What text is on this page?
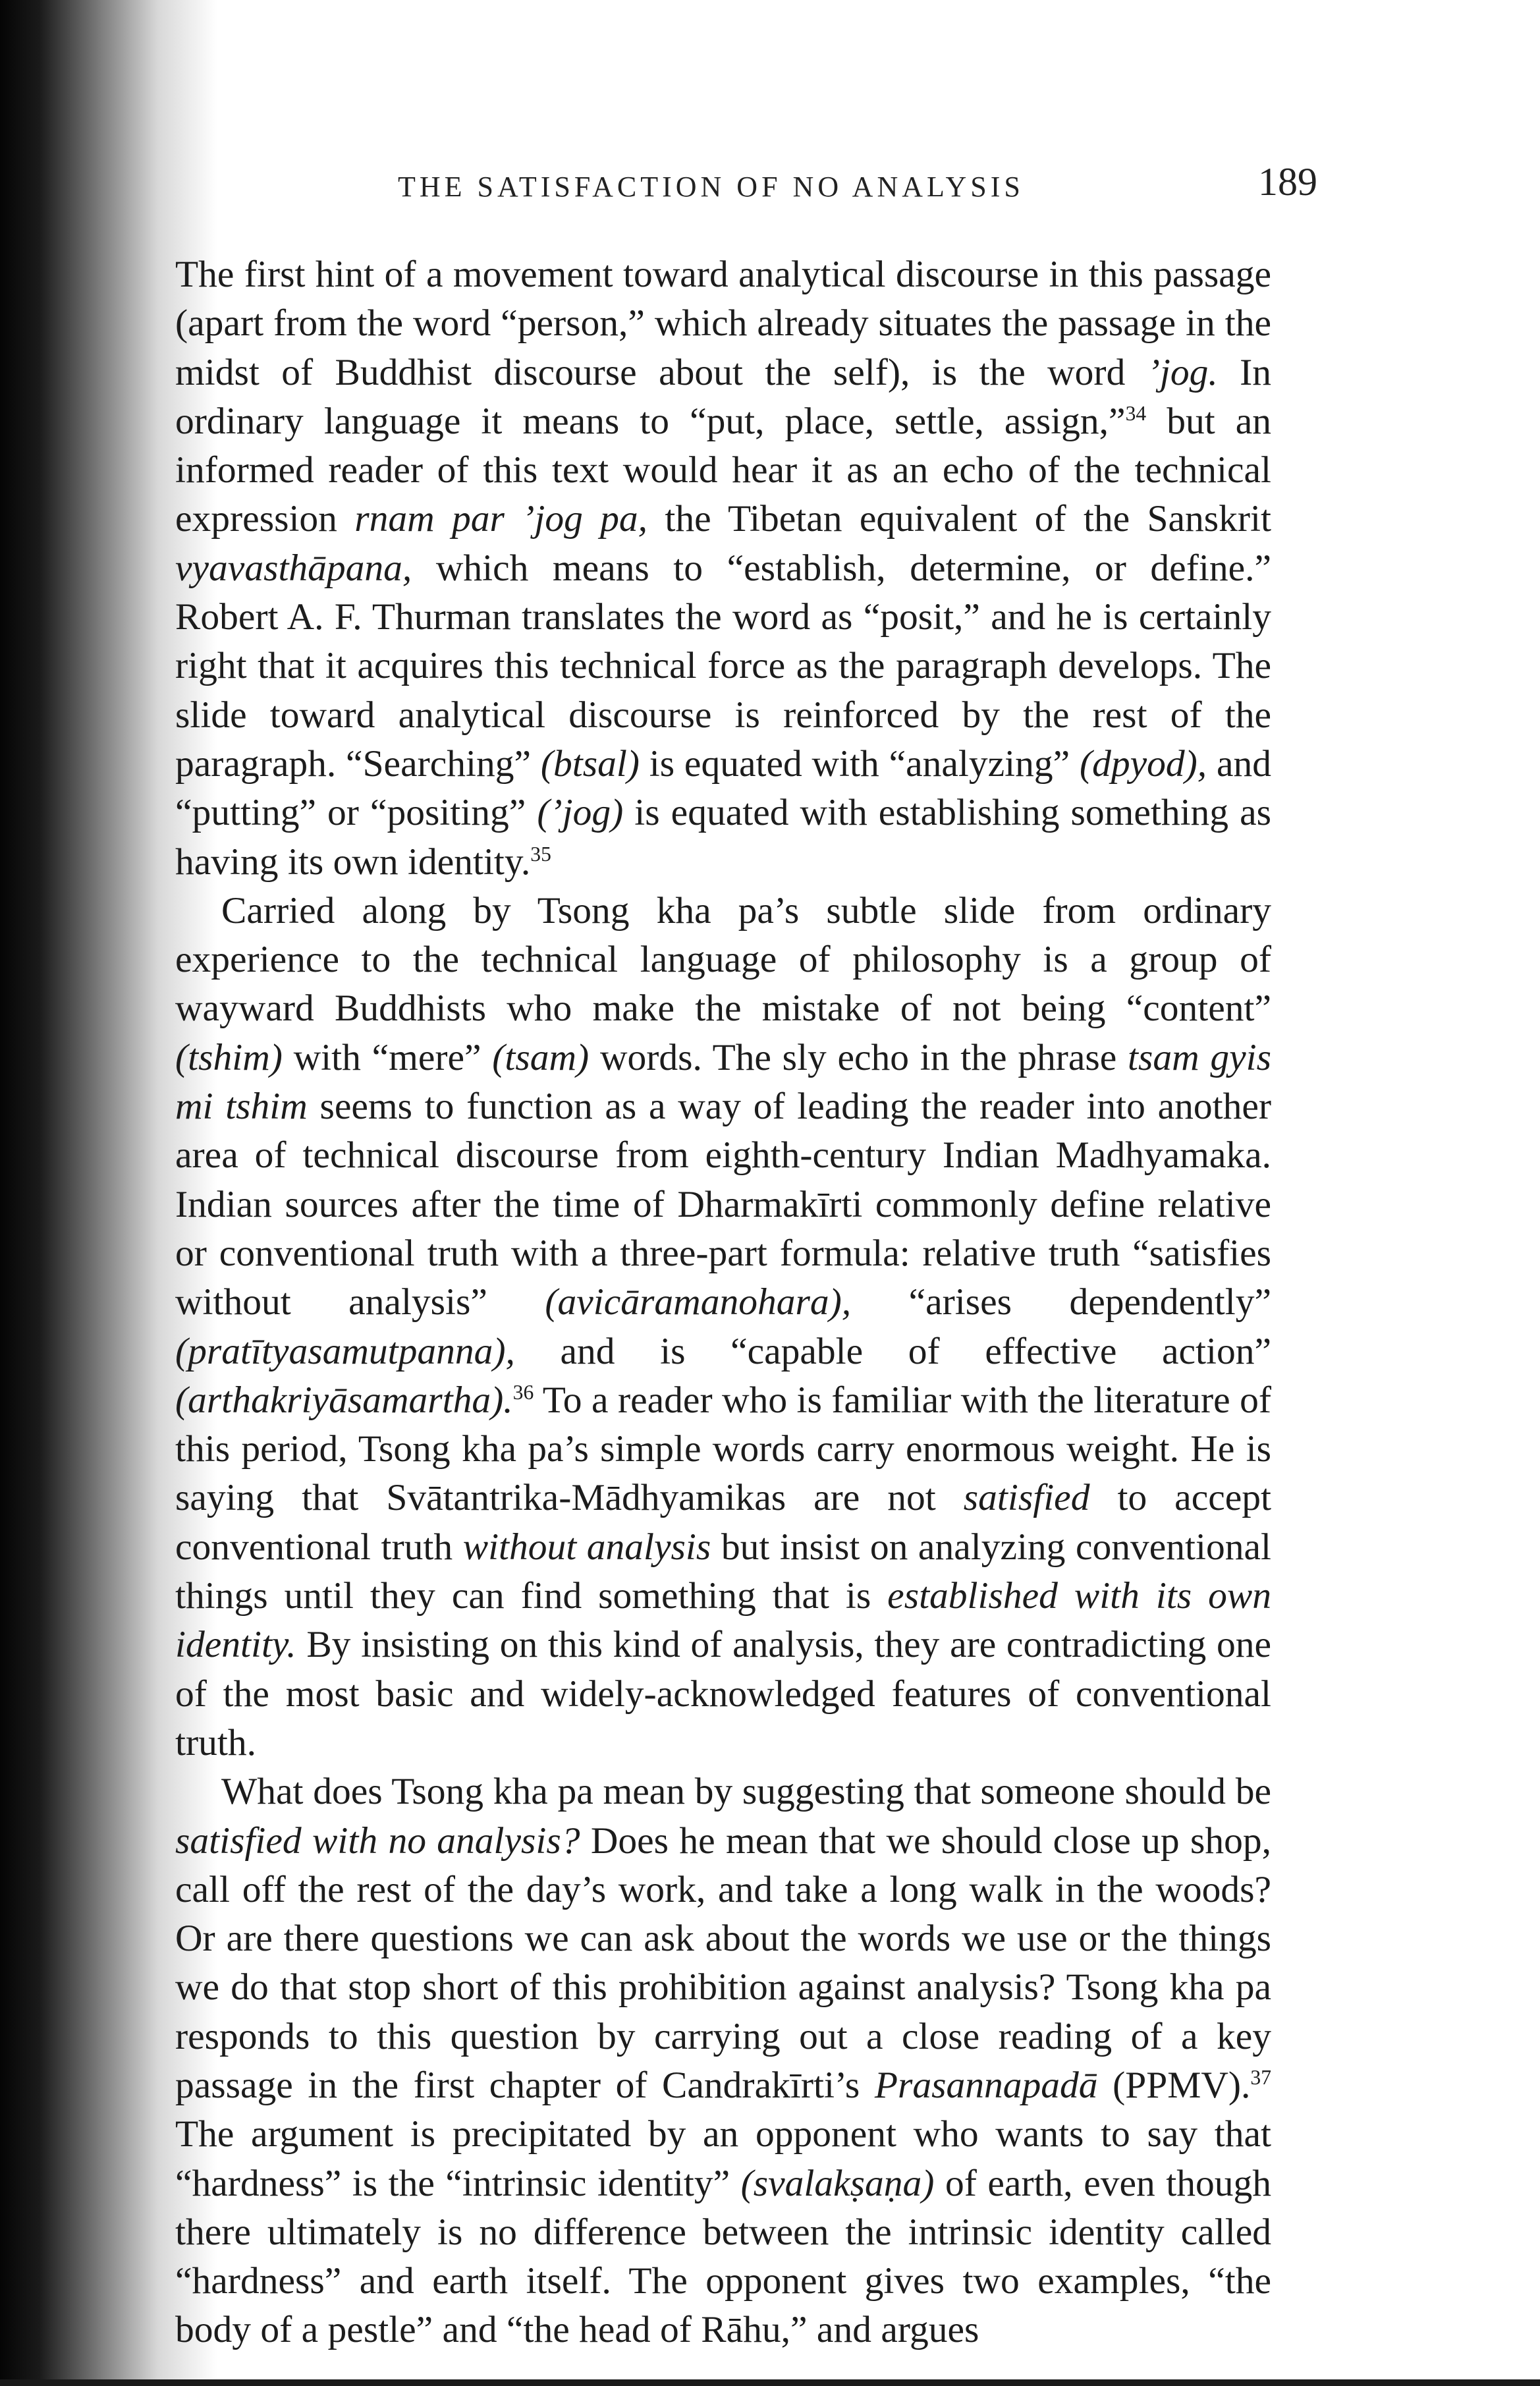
THE SATISFACTION OF NO ANALYSIS	189

The first hint of a movement toward analytical discourse in this passage (apart from the word “person,” which already situates the passage in the midst of Buddhist discourse about the self), is the word ’jog. In ordinary language it means to “put, place, settle, assign,”$^{34}$ but an informed reader of this text would hear it as an echo of the technical expression rnam par ’jog pa, the Tibetan equivalent of the Sanskrit vyavasthāpana, which means to “establish, determine, or define.” Robert A. F. Thurman translates the word as “posit,” and he is certainly right that it acquires this technical force as the paragraph develops. The slide toward analytical discourse is reinforced by the rest of the paragraph. “Searching” (btsal) is equated with “analyzing” (dpyod), and “putting” or “positing” (’jog) is equated with establishing something as having its own identity.$^{35}$

Carried along by Tsong kha pa’s subtle slide from ordinary experience to the technical language of philosophy is a group of wayward Buddhists who make the mistake of not being “content” (tshim) with “mere” (tsam) words. The sly echo in the phrase tsam gyis mi tshim seems to function as a way of leading the reader into another area of technical discourse from eighth-century Indian Madhyamaka. Indian sources after the time of Dharmakīrti commonly define relative or conventional truth with a three-part formula: relative truth “satisfies without analysis” (avicāramanohara), “arises dependently” (pratītyasamutpanna), and is “capable of effective action” (arthakriyāsamartha).$^{36}$ To a reader who is familiar with the literature of this period, Tsong kha pa’s simple words carry enormous weight. He is saying that Svātantrika-Mādhyamikas are not satisfied to accept conventional truth without analysis but insist on analyzing conventional things until they can find something that is established with its own identity. By insisting on this kind of analysis, they are contradicting one of the most basic and widely-acknowledged features of conventional truth.

What does Tsong kha pa mean by suggesting that someone should be satisfied with no analysis? Does he mean that we should close up shop, call off the rest of the day’s work, and take a long walk in the woods? Or are there questions we can ask about the words we use or the things we do that stop short of this prohibition against analysis? Tsong kha pa responds to this question by carrying out a close reading of a key passage in the first chapter of Candrakīrti’s Prasannapadā (PPMV).$^{37}$ The argument is precipitated by an opponent who wants to say that “hardness” is the “intrinsic identity” (svalakṣaṇa) of earth, even though there ultimately is no difference between the intrinsic identity called “hardness” and earth itself. The opponent gives two examples, “the body of a pestle” and “the head of Rāhu,” and argues
